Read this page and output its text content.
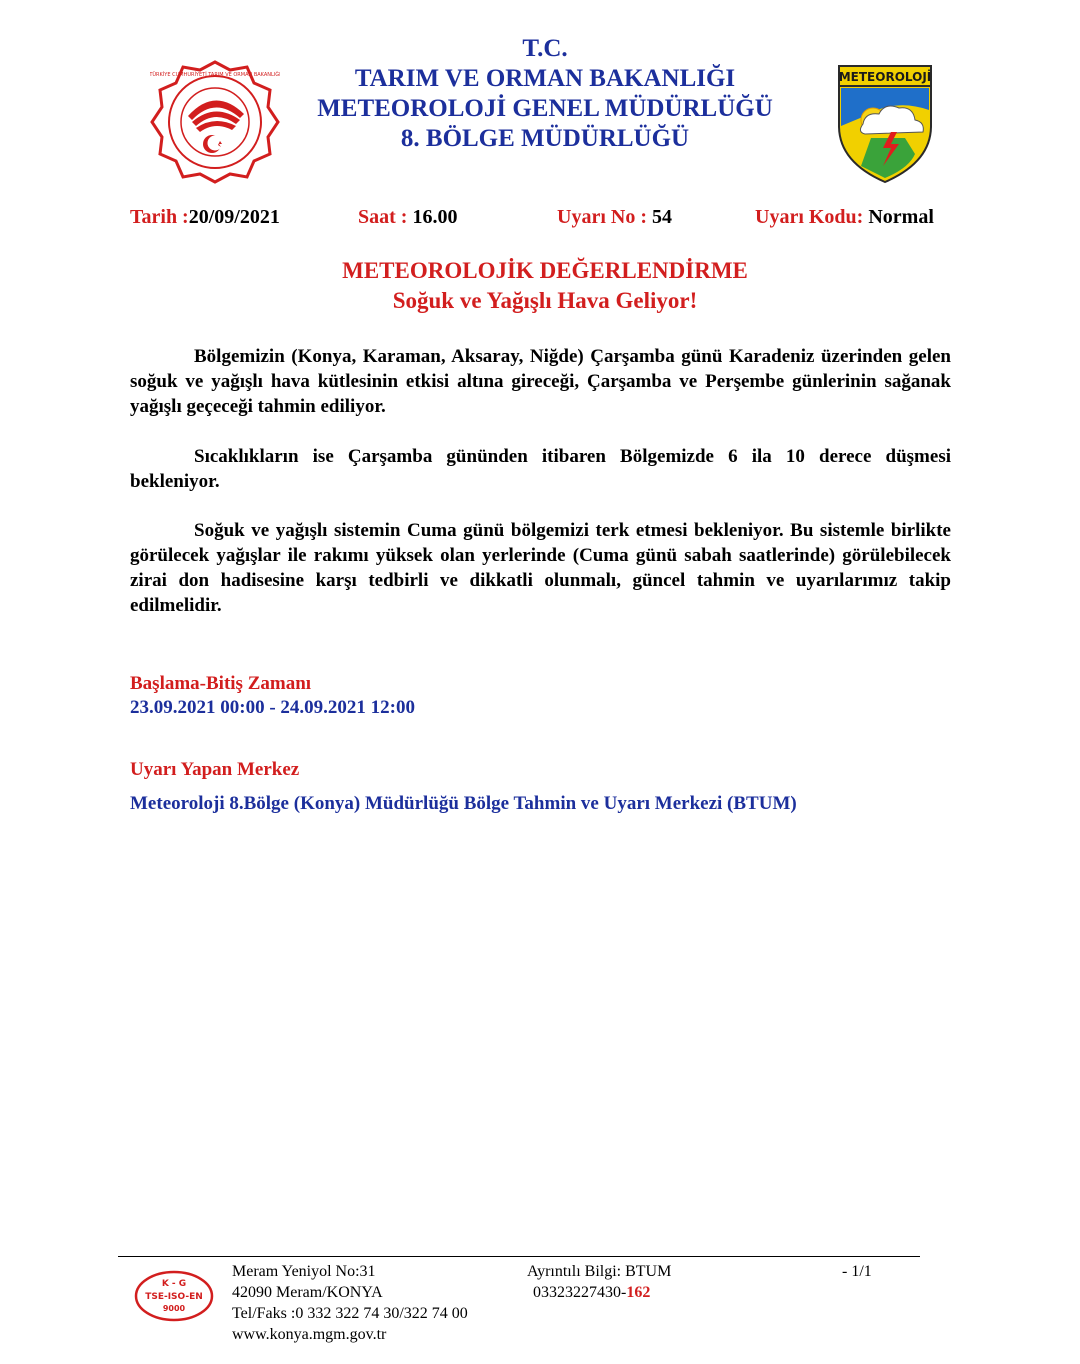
TÜRKİYE CUMHURİYETİ TARIM VE ORMAN BAKANLIĞI
T.C.
TARIM VE ORMAN BAKANLIĞI
METEOROLOJİ GENEL MÜDÜRLÜĞÜ
8. BÖLGE MÜDÜRLÜĞÜ
METEOROLOJİ
Tarih :20/09/2021	Saat : 16.00	Uyarı No : 54	Uyarı Kodu: Normal
METEOROLOJİK DEĞERLENDİRME
Soğuk ve Yağışlı Hava Geliyor!
Bölgemizin (Konya, Karaman, Aksaray, Niğde) Çarşamba günü Karadeniz üzerinden gelen soğuk ve yağışlı hava kütlesinin etkisi altına gireceği, Çarşamba ve Perşembe günlerinin sağanak yağışlı geçeceği tahmin ediliyor.
Sıcaklıkların ise Çarşamba gününden itibaren Bölgemizde 6 ila 10 derece düşmesi bekleniyor.
Soğuk ve yağışlı sistemin Cuma günü bölgemizi terk etmesi bekleniyor. Bu sistemle birlikte görülecek yağışlar ile rakımı yüksek olan yerlerinde (Cuma günü sabah saatlerinde) görülebilecek zirai don hadisesine karşı tedbirli ve dikkatli olunmalı, güncel tahmin ve uyarılarımız takip edilmelidir.
Başlama-Bitiş Zamanı
23.09.2021 00:00 - 24.09.2021 12:00
Uyarı Yapan Merkez
Meteoroloji 8.Bölge (Konya) Müdürlüğü Bölge Tahmin ve Uyarı Merkezi (BTUM)
K - G
TSE-ISO-EN
9000
Meram Yeniyol No:31
42090 Meram/KONYA
Tel/Faks :0 332 322 74 30/322 74 00
www.konya.mgm.gov.tr
Ayrıntılı Bilgi: BTUM
03323227430-162
- 1/1
